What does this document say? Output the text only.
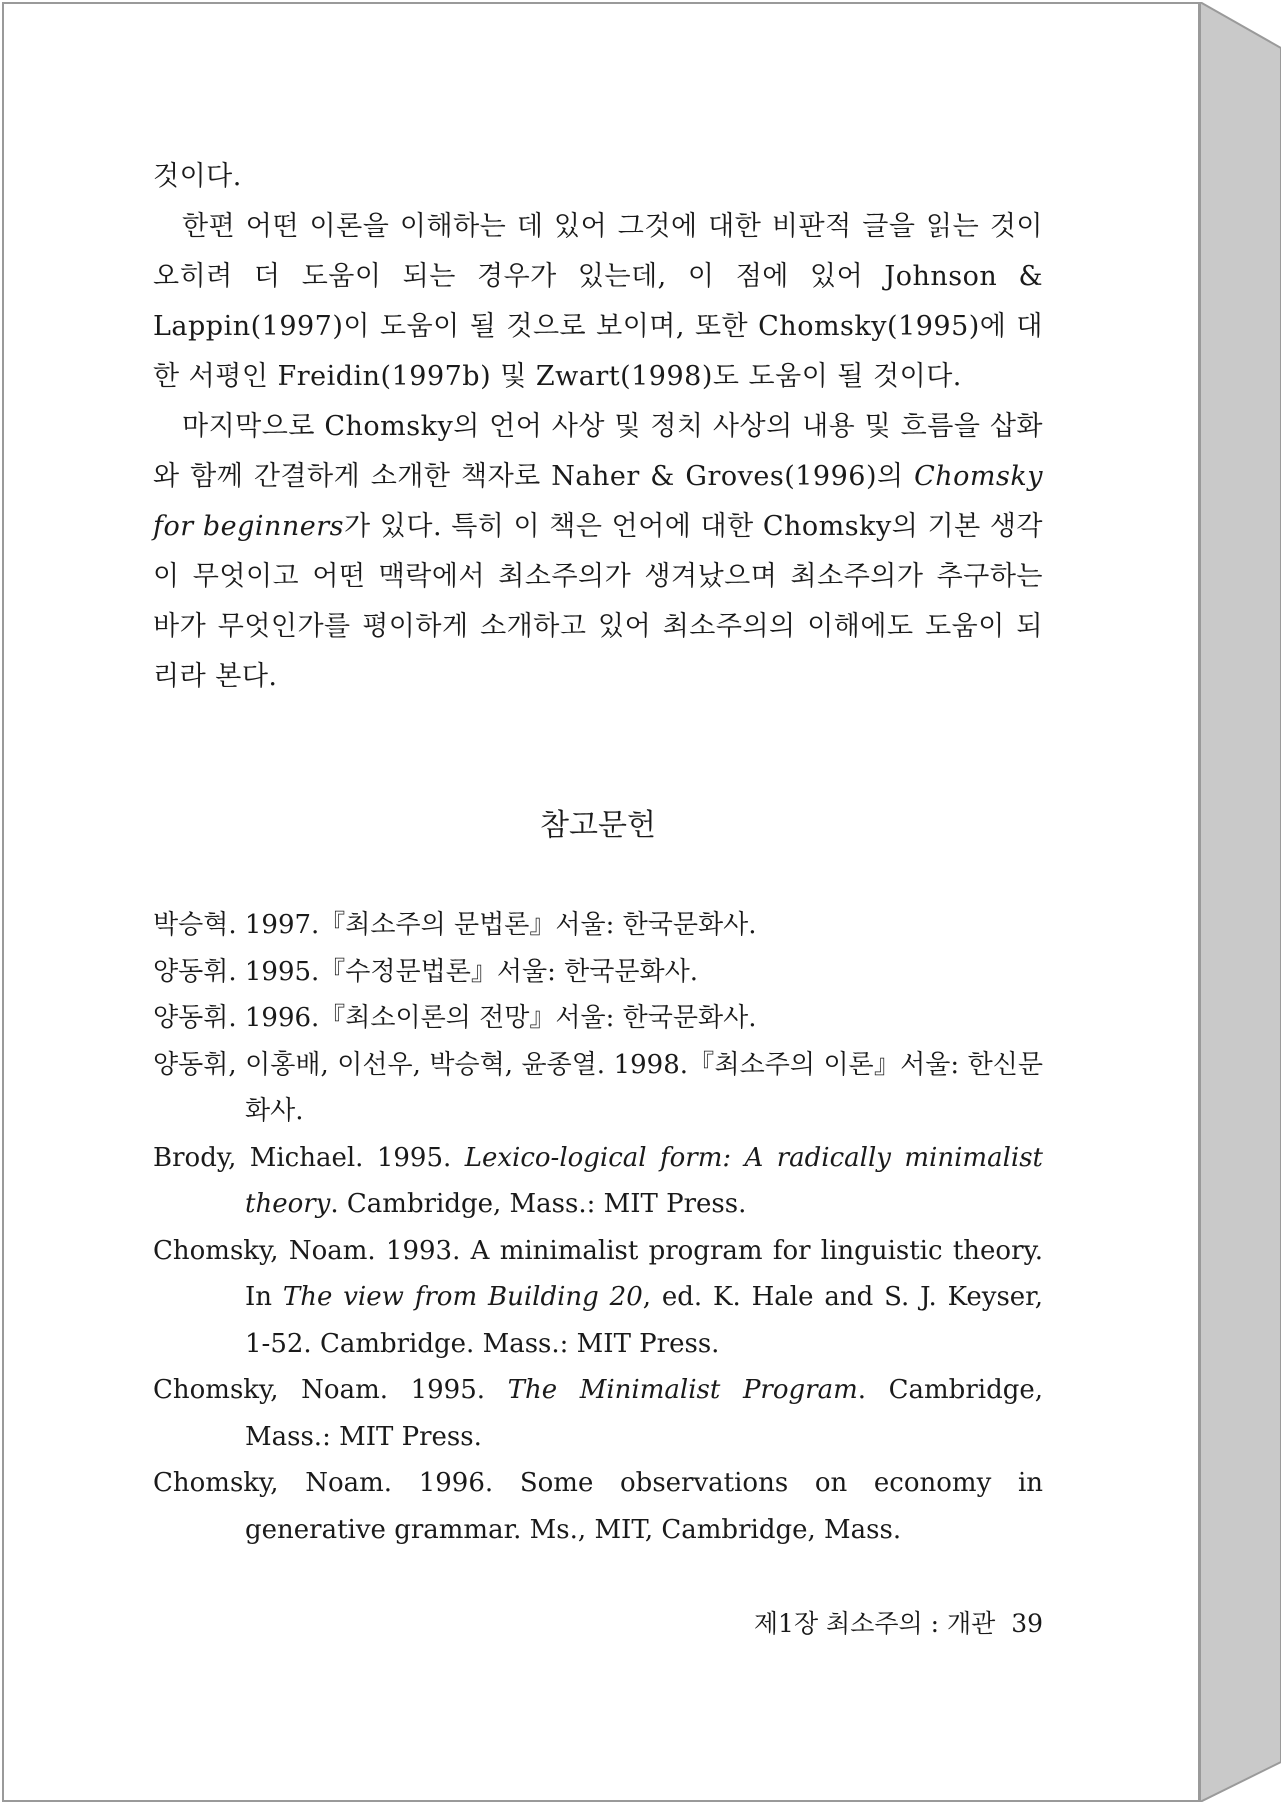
것이다.

한편 어떤 이론을 이해하는 데 있어 그것에 대한 비판적 글을 읽는 것이 오히려 더 도움이 되는 경우가 있는데, 이 점에 있어 Johnson & Lappin(1997)이 도움이 될 것으로 보이며, 또한 Chomsky(1995)에 대한 서평인 Freidin(1997b) 및 Zwart(1998)도 도움이 될 것이다.

마지막으로 Chomsky의 언어 사상 및 정치 사상의 내용 및 흐름을 삽화와 함께 간결하게 소개한 책자로 Naher & Groves(1996)의 Chomsky for beginners가 있다. 특히 이 책은 언어에 대한 Chomsky의 기본 생각이 무엇이고 어떤 맥락에서 최소주의가 생겨났으며 최소주의가 추구하는 바가 무엇인가를 평이하게 소개하고 있어 최소주의의 이해에도 도움이 되리라 본다.

참고문헌

박승혁. 1997.『최소주의 문법론』서울: 한국문화사.

양동휘. 1995.『수정문법론』서울: 한국문화사.

양동휘. 1996.『최소이론의 전망』서울: 한국문화사.

양동휘, 이홍배, 이선우, 박승혁, 윤종열. 1998.『최소주의 이론』서울: 한신문화사.

Brody, Michael. 1995. Lexico-logical form: A radically minimalist theory. Cambridge, Mass.: MIT Press.

Chomsky, Noam. 1993. A minimalist program for linguistic theory. In The view from Building 20, ed. K. Hale and S. J. Keyser, 1-52. Cambridge. Mass.: MIT Press.

Chomsky, Noam. 1995. The Minimalist Program. Cambridge, Mass.: MIT Press.

Chomsky, Noam. 1996. Some observations on economy in generative grammar. Ms., MIT, Cambridge, Mass.

제1장 최소주의 : 개관 39
